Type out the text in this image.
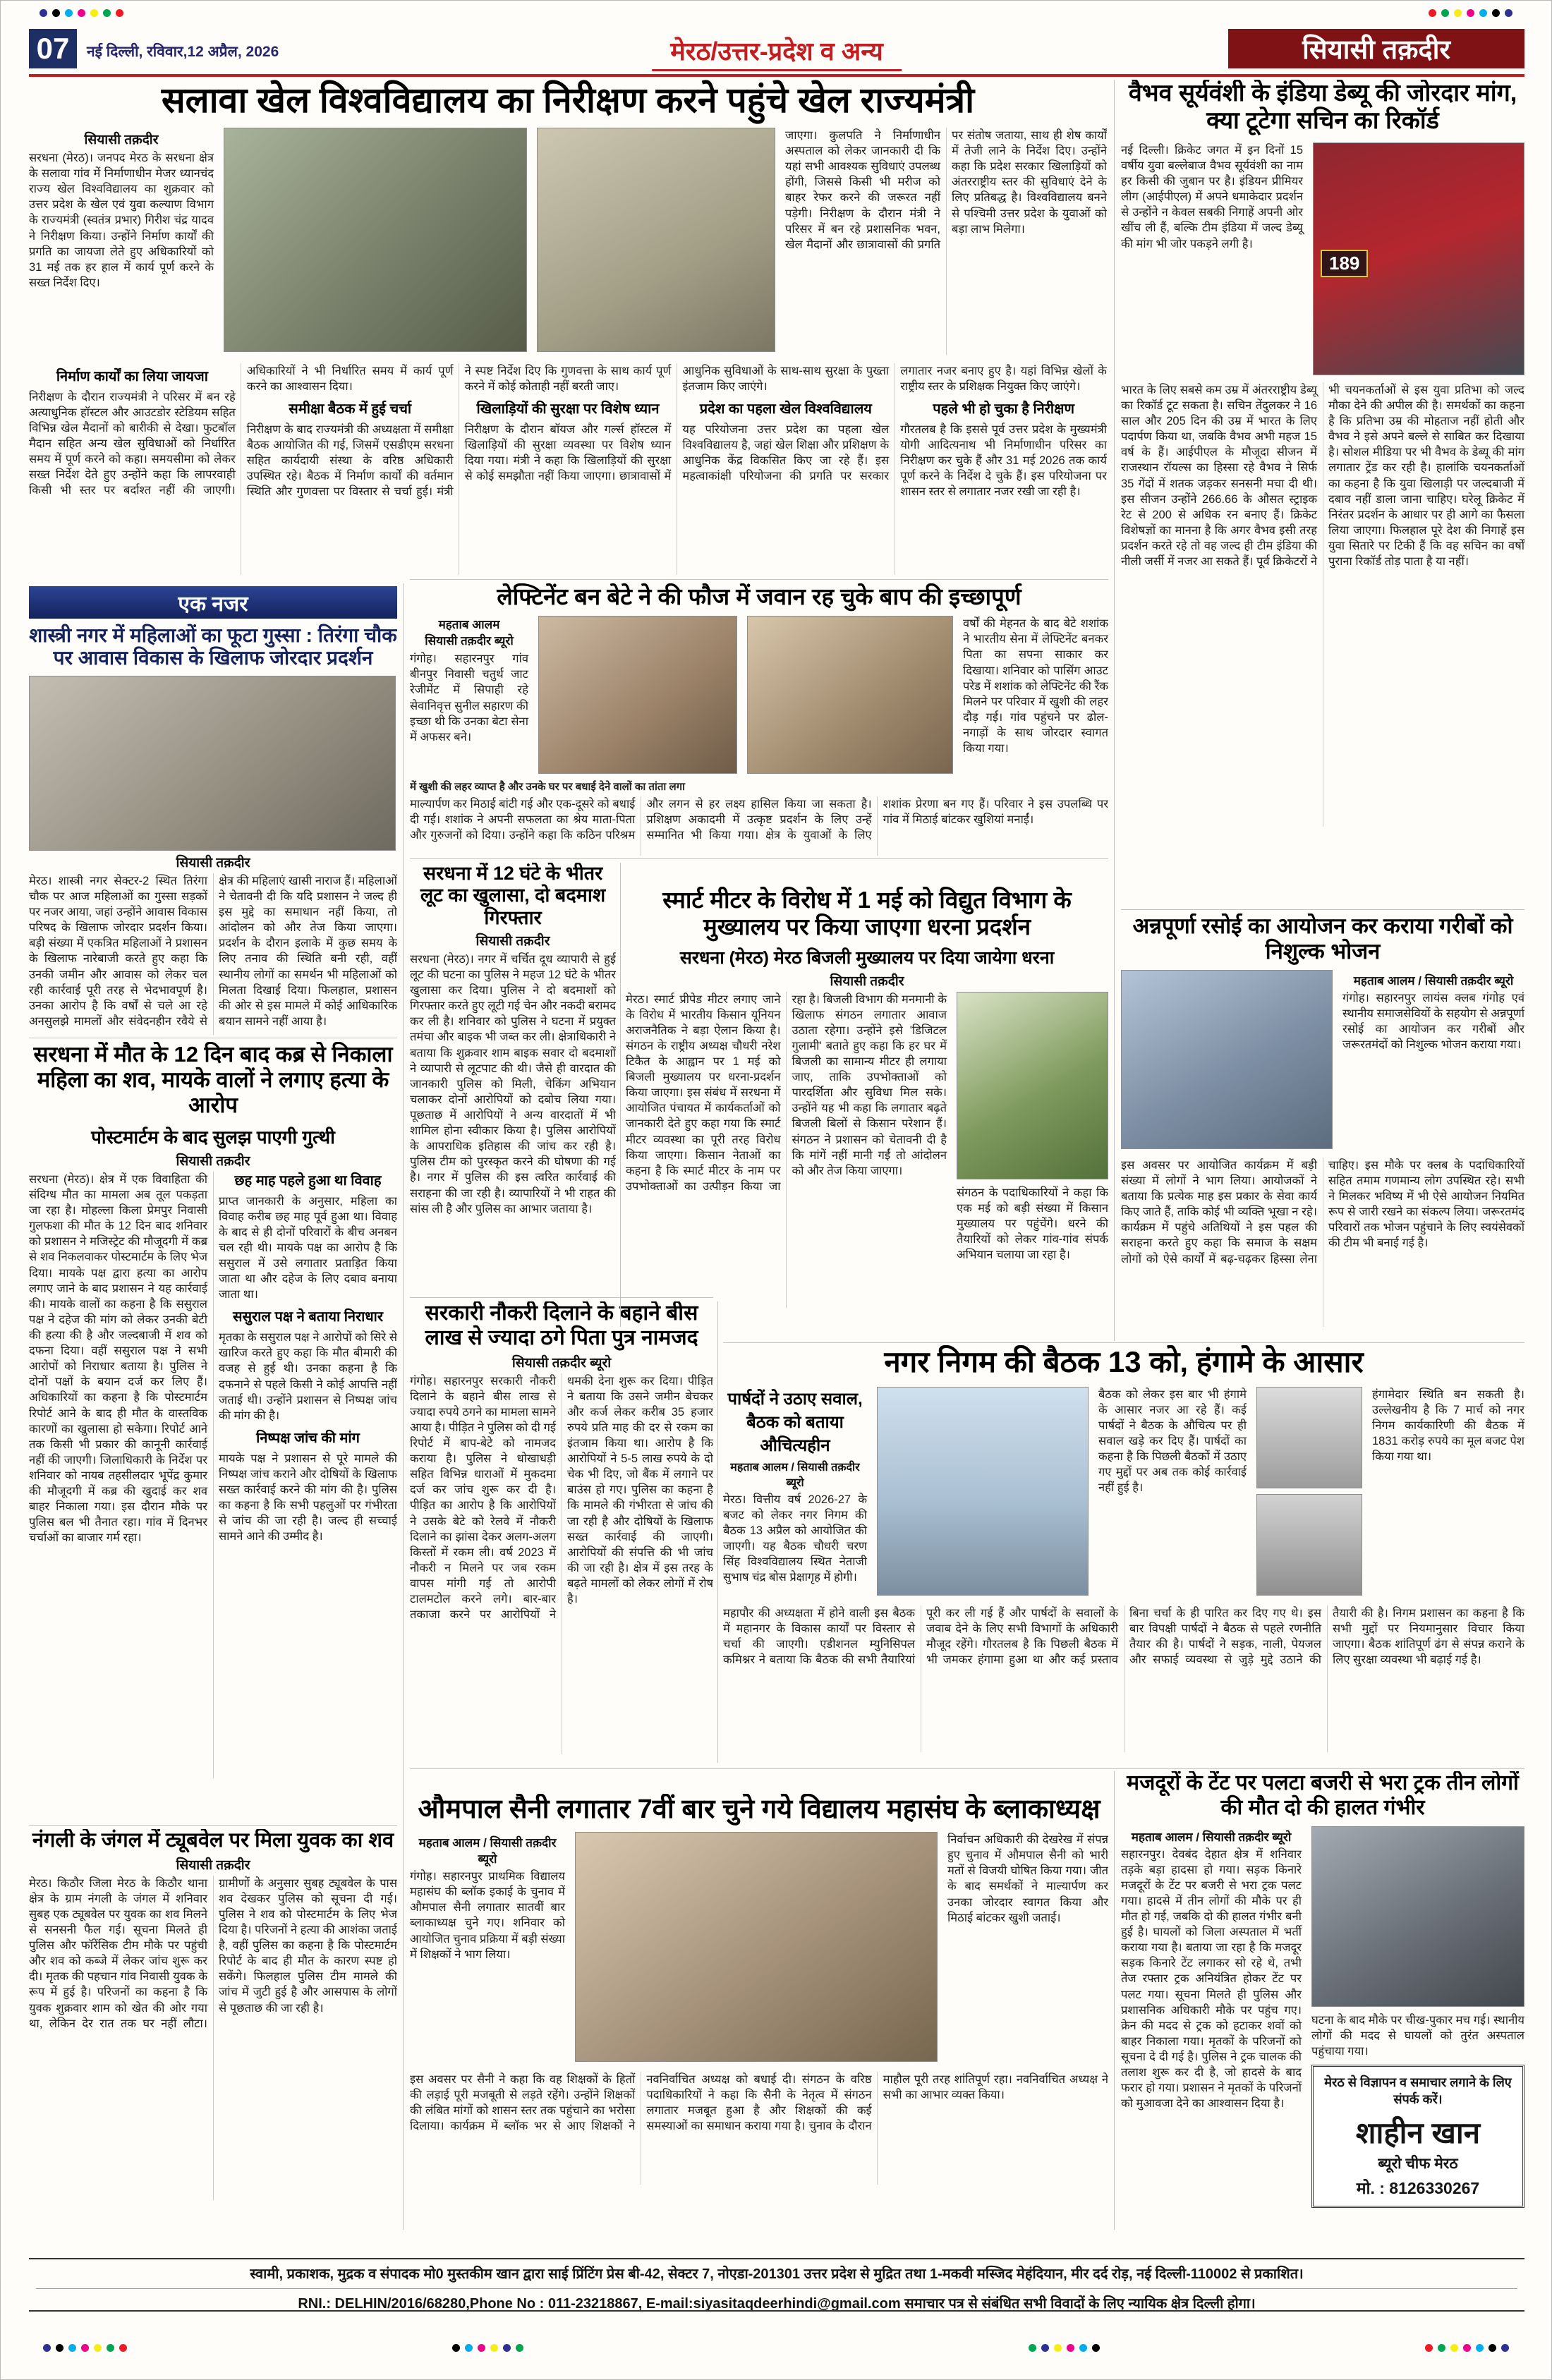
07	नई दिल्ली, रविवार,12 अप्रैल, 2026	मेरठ/उत्तर-प्रदेश व अन्य	सियासी तक़दीर
सलावा खेल विश्वविद्यालय का निरीक्षण करने पहुंचे खेल राज्यमंत्री
सियासी तक़दीर
सरधना (मेरठ)। जनपद मेरठ के सरधना क्षेत्र के सलावा गांव में निर्माणाधीन मेजर ध्यानचंद राज्य खेल विश्वविद्यालय का शुक्रवार को उत्तर प्रदेश के खेल एवं युवा कल्याण विभाग के राज्यमंत्री (स्वतंत्र प्रभार) गिरीश चंद्र यादव ने निरीक्षण किया। उन्होंने निर्माण कार्यों की प्रगति का जायजा लेते हुए अधिकारियों को 31 मई तक हर हाल में कार्य पूर्ण करने के सख्त निर्देश दिए।
जाएगा। कुलपति ने निर्माणाधीन अस्पताल को लेकर जानकारी दी कि यहां सभी आवश्यक सुविधाएं उपलब्ध होंगी, जिससे किसी भी मरीज को बाहर रेफर करने की जरूरत नहीं पड़ेगी। निरीक्षण के दौरान मंत्री ने परिसर में बन रहे प्रशासनिक भवन, खेल मैदानों और छात्रावासों की प्रगति पर संतोष जताया, साथ ही शेष कार्यों में तेजी लाने के निर्देश दिए। उन्होंने कहा कि प्रदेश सरकार खिलाड़ियों को अंतरराष्ट्रीय स्तर की सुविधाएं देने के लिए प्रतिबद्ध है। विश्वविद्यालय बनने से पश्चिमी उत्तर प्रदेश के युवाओं को बड़ा लाभ मिलेगा।
निर्माण कार्यों का लिया जायजा

निरीक्षण के दौरान राज्यमंत्री ने परिसर में बन रहे अत्याधुनिक हॉस्टल और आउटडोर स्टेडियम सहित विभिन्न खेल मैदानों को बारीकी से देखा। फुटबॉल मैदान सहित अन्य खेल सुविधाओं को निर्धारित समय में पूर्ण करने को कहा। समयसीमा को लेकर सख्त निर्देश देते हुए उन्होंने कहा कि लापरवाही किसी भी स्तर पर बर्दाश्त नहीं की जाएगी। अधिकारियों ने भी निर्धारित समय में कार्य पूर्ण करने का आश्वासन दिया।

समीक्षा बैठक में हुई चर्चा

निरीक्षण के बाद राज्यमंत्री की अध्यक्षता में समीक्षा बैठक आयोजित की गई, जिसमें एसडीएम सरधना सहित कार्यदायी संस्था के वरिष्ठ अधिकारी उपस्थित रहे। बैठक में निर्माण कार्यों की वर्तमान स्थिति और गुणवत्ता पर विस्तार से चर्चा हुई। मंत्री ने स्पष्ट निर्देश दिए कि गुणवत्ता के साथ कार्य पूर्ण करने में कोई कोताही नहीं बरती जाए।

खिलाड़ियों की सुरक्षा पर विशेष ध्यान

निरीक्षण के दौरान बॉयज और गर्ल्स हॉस्टल में खिलाड़ियों की सुरक्षा व्यवस्था पर विशेष ध्यान दिया गया। मंत्री ने कहा कि खिलाड़ियों की सुरक्षा से कोई समझौता नहीं किया जाएगा। छात्रावासों में आधुनिक सुविधाओं के साथ-साथ सुरक्षा के पुख्ता इंतजाम किए जाएंगे।

प्रदेश का पहला खेल विश्वविद्यालय

यह परियोजना उत्तर प्रदेश का पहला खेल विश्वविद्यालय है, जहां खेल शिक्षा और प्रशिक्षण के आधुनिक केंद्र विकसित किए जा रहे हैं। इस महत्वाकांक्षी परियोजना की प्रगति पर सरकार लगातार नजर बनाए हुए है। यहां विभिन्न खेलों के राष्ट्रीय स्तर के प्रशिक्षक नियुक्त किए जाएंगे।

पहले भी हो चुका है निरीक्षण

गौरतलब है कि इससे पूर्व उत्तर प्रदेश के मुख्यमंत्री योगी आदित्यनाथ भी निर्माणाधीन परिसर का निरीक्षण कर चुके हैं और 31 मई 2026 तक कार्य पूर्ण करने के निर्देश दे चुके हैं। इस परियोजना पर शासन स्तर से लगातार नजर रखी जा रही है।

वैभव सूर्यवंशी के इंडिया डेब्यू की जोरदार मांग, क्या टूटेगा सचिन का रिकॉर्ड
नई दिल्ली। क्रिकेट जगत में इन दिनों 15 वर्षीय युवा बल्लेबाज वैभव सूर्यवंशी का नाम हर किसी की जुबान पर है। इंडियन प्रीमियर लीग (आईपीएल) में अपने धमाकेदार प्रदर्शन से उन्होंने न केवल सबकी निगाहें अपनी ओर खींच ली हैं, बल्कि टीम इंडिया में जल्द डेब्यू की मांग भी जोर पकड़ने लगी है।
189
भारत के लिए सबसे कम उम्र में अंतरराष्ट्रीय डेब्यू का रिकॉर्ड टूट सकता है। सचिन तेंदुलकर ने 16 साल और 205 दिन की उम्र में भारत के लिए पदार्पण किया था, जबकि वैभव अभी महज 15 वर्ष के हैं। आईपीएल के मौजूदा सीजन में राजस्थान रॉयल्स का हिस्सा रहे वैभव ने सिर्फ 35 गेंदों में शतक जड़कर सनसनी मचा दी थी। इस सीजन उन्होंने 266.66 के औसत स्ट्राइक रेट से 200 से अधिक रन बनाए हैं। क्रिकेट विशेषज्ञों का मानना है कि अगर वैभव इसी तरह प्रदर्शन करते रहे तो वह जल्द ही टीम इंडिया की नीली जर्सी में नजर आ सकते हैं। पूर्व क्रिकेटरों ने भी चयनकर्ताओं से इस युवा प्रतिभा को जल्द मौका देने की अपील की है। समर्थकों का कहना है कि प्रतिभा उम्र की मोहताज नहीं होती और वैभव ने इसे अपने बल्ले से साबित कर दिखाया है। सोशल मीडिया पर भी वैभव के डेब्यू की मांग लगातार ट्रेंड कर रही है। हालांकि चयनकर्ताओं का कहना है कि युवा खिलाड़ी पर जल्दबाजी में दबाव नहीं डाला जाना चाहिए। घरेलू क्रिकेट में निरंतर प्रदर्शन के आधार पर ही आगे का फैसला लिया जाएगा। फिलहाल पूरे देश की निगाहें इस युवा सितारे पर टिकी हैं कि वह सचिन का वर्षों पुराना रिकॉर्ड तोड़ पाता है या नहीं।
एक नजर
शास्त्री नगर में महिलाओं का फूटा गुस्सा : तिरंगा चौक पर आवास विकास के खिलाफ जोरदार प्रदर्शन
सियासी तक़दीर
मेरठ। शास्त्री नगर सेक्टर-2 स्थित तिरंगा चौक पर आज महिलाओं का गुस्सा सड़कों पर नजर आया, जहां उन्होंने आवास विकास परिषद के खिलाफ जोरदार प्रदर्शन किया। बड़ी संख्या में एकत्रित महिलाओं ने प्रशासन के खिलाफ नारेबाजी करते हुए कहा कि उनकी जमीन और आवास को लेकर चल रही कार्रवाई पूरी तरह से भेदभावपूर्ण है। उनका आरोप है कि वर्षों से चले आ रहे अनसुलझे मामलों और संवेदनहीन रवैये से क्षेत्र की महिलाएं खासी नाराज हैं। महिलाओं ने चेतावनी दी कि यदि प्रशासन ने जल्द ही इस मुद्दे का समाधान नहीं किया, तो आंदोलन को और तेज किया जाएगा। प्रदर्शन के दौरान इलाके में कुछ समय के लिए तनाव की स्थिति बनी रही, वहीं स्थानीय लोगों का समर्थन भी महिलाओं को मिलता दिखाई दिया। फिलहाल, प्रशासन की ओर से इस मामले में कोई आधिकारिक बयान सामने नहीं आया है।
लेफ्टिनेंट बन बेटे ने की फौज में जवान रह चुके बाप की इच्छापूर्ण
महताब आलम
सियासी तक़दीर ब्यूरो
गंगोह। सहारनपुर गांव बीनपुर निवासी चतुर्थ जाट रेजीमेंट में सिपाही रहे सेवानिवृत्त सुनील सहारण की इच्छा थी कि उनका बेटा सेना में अफसर बने।
वर्षों की मेहनत के बाद बेटे शशांक ने भारतीय सेना में लेफ्टिनेंट बनकर पिता का सपना साकार कर दिखाया। शनिवार को पासिंग आउट परेड में शशांक को लेफ्टिनेंट की रैंक मिलने पर परिवार में खुशी की लहर दौड़ गई। गांव पहुंचने पर ढोल-नगाड़ों के साथ जोरदार स्वागत किया गया।
में खुशी की लहर व्याप्त है और उनके घर पर बधाई देने वालों का तांता लगा
माल्यार्पण कर मिठाई बांटी गई और एक-दूसरे को बधाई दी गई। शशांक ने अपनी सफलता का श्रेय माता-पिता और गुरुजनों को दिया। उन्होंने कहा कि कठिन परिश्रम और लगन से हर लक्ष्य हासिल किया जा सकता है। प्रशिक्षण अकादमी में उत्कृष्ट प्रदर्शन के लिए उन्हें सम्मानित भी किया गया। क्षेत्र के युवाओं के लिए शशांक प्रेरणा बन गए हैं। परिवार ने इस उपलब्धि पर गांव में मिठाई बांटकर खुशियां मनाईं।
सरधना में 12 घंटे के भीतर लूट का खुलासा, दो बदमाश गिरफ्तार
सियासी तक़दीर
सरधना (मेरठ)। नगर में चर्चित दूध व्यापारी से हुई लूट की घटना का पुलिस ने महज 12 घंटे के भीतर खुलासा कर दिया। पुलिस ने दो बदमाशों को गिरफ्तार करते हुए लूटी गई चेन और नकदी बरामद कर ली है। शनिवार को पुलिस ने घटना में प्रयुक्त तमंचा और बाइक भी जब्त कर ली। क्षेत्राधिकारी ने बताया कि शुक्रवार शाम बाइक सवार दो बदमाशों ने व्यापारी से लूटपाट की थी। जैसे ही वारदात की जानकारी पुलिस को मिली, चेकिंग अभियान चलाकर दोनों आरोपियों को दबोच लिया गया। पूछताछ में आरोपियों ने अन्य वारदातों में भी शामिल होना स्वीकार किया है। पुलिस आरोपियों के आपराधिक इतिहास की जांच कर रही है। पुलिस टीम को पुरस्कृत करने की घोषणा की गई है। नगर में पुलिस की इस त्वरित कार्रवाई की सराहना की जा रही है। व्यापारियों ने भी राहत की सांस ली है और पुलिस का आभार जताया है।
स्मार्ट मीटर के विरोध में 1 मई को विद्युत विभाग के मुख्यालय पर किया जाएगा धरना प्रदर्शन
सरधना (मेरठ) मेरठ बिजली मुख्यालय पर दिया जायेगा धरना
सियासी तक़दीर
मेरठ। स्मार्ट प्रीपेड मीटर लगाए जाने के विरोध में भारतीय किसान यूनियन अराजनैतिक ने बड़ा ऐलान किया है। संगठन के राष्ट्रीय अध्यक्ष चौधरी नरेश टिकैत के आह्वान पर 1 मई को बिजली मुख्यालय पर धरना-प्रदर्शन किया जाएगा। इस संबंध में सरधना में आयोजित पंचायत में कार्यकर्ताओं को जानकारी देते हुए कहा गया कि स्मार्ट मीटर व्यवस्था का पूरी तरह विरोध किया जाएगा। किसान नेताओं का कहना है कि स्मार्ट मीटर के नाम पर उपभोक्ताओं का उत्पीड़न किया जा रहा है। बिजली विभाग की मनमानी के खिलाफ संगठन लगातार आवाज उठाता रहेगा। उन्होंने इसे 'डिजिटल गुलामी' बताते हुए कहा कि हर घर में बिजली का सामान्य मीटर ही लगाया जाए, ताकि उपभोक्ताओं को पारदर्शिता और सुविधा मिल सके। उन्होंने यह भी कहा कि लगातार बढ़ते बिजली बिलों से किसान परेशान हैं। संगठन ने प्रशासन को चेतावनी दी है कि मांगें नहीं मानी गईं तो आंदोलन को और तेज किया जाएगा।
संगठन के पदाधिकारियों ने कहा कि एक मई को बड़ी संख्या में किसान मुख्यालय पर पहुंचेंगे। धरने की तैयारियों को लेकर गांव-गांव संपर्क अभियान चलाया जा रहा है।
अन्नपूर्णा रसोई का आयोजन कर कराया गरीबों को निशुल्क भोजन
महताब आलम / सियासी तक़दीर ब्यूरो
गंगोह। सहारनपुर लायंस क्लब गंगोह एवं स्थानीय समाजसेवियों के सहयोग से अन्नपूर्णा रसोई का आयोजन कर गरीबों और जरूरतमंदों को निशुल्क भोजन कराया गया।
इस अवसर पर आयोजित कार्यक्रम में बड़ी संख्या में लोगों ने भाग लिया। आयोजकों ने बताया कि प्रत्येक माह इस प्रकार के सेवा कार्य किए जाते हैं, ताकि कोई भी व्यक्ति भूखा न रहे। कार्यक्रम में पहुंचे अतिथियों ने इस पहल की सराहना करते हुए कहा कि समाज के सक्षम लोगों को ऐसे कार्यों में बढ़-चढ़कर हिस्सा लेना चाहिए। इस मौके पर क्लब के पदाधिकारियों सहित तमाम गणमान्य लोग उपस्थित रहे। सभी ने मिलकर भविष्य में भी ऐसे आयोजन नियमित रूप से जारी रखने का संकल्प लिया। जरूरतमंद परिवारों तक भोजन पहुंचाने के लिए स्वयंसेवकों की टीम भी बनाई गई है।
सरधना में मौत के 12 दिन बाद कब्र से निकाला महिला का शव, मायके वालों ने लगाए हत्या के आरोप
पोस्टमार्टम के बाद सुलझ पाएगी गुत्थी
सियासी तक़दीर

सरधना (मेरठ)। क्षेत्र में एक विवाहिता की संदिग्ध मौत का मामला अब तूल पकड़ता जा रहा है। मोहल्ला किला प्रेमपुर निवासी गुलफशा की मौत के 12 दिन बाद शनिवार को प्रशासन ने मजिस्ट्रेट की मौजूदगी में कब्र से शव निकलवाकर पोस्टमार्टम के लिए भेज दिया। मायके पक्ष द्वारा हत्या का आरोप लगाए जाने के बाद प्रशासन ने यह कार्रवाई की। मायके वालों का कहना है कि ससुराल पक्ष ने दहेज की मांग को लेकर उनकी बेटी की हत्या की है और जल्दबाजी में शव को दफना दिया। वहीं ससुराल पक्ष ने सभी आरोपों को निराधार बताया है। पुलिस ने दोनों पक्षों के बयान दर्ज कर लिए हैं। अधिकारियों का कहना है कि पोस्टमार्टम रिपोर्ट आने के बाद ही मौत के वास्तविक कारणों का खुलासा हो सकेगा। रिपोर्ट आने तक किसी भी प्रकार की कानूनी कार्रवाई नहीं की जाएगी। जिलाधिकारी के निर्देश पर शनिवार को नायब तहसीलदार भूपेंद्र कुमार की मौजूदगी में कब्र की खुदाई कर शव बाहर निकाला गया। इस दौरान मौके पर पुलिस बल भी तैनात रहा। गांव में दिनभर चर्चाओं का बाजार गर्म रहा।

छह माह पहले हुआ था विवाह

प्राप्त जानकारी के अनुसार, महिला का विवाह करीब छह माह पूर्व हुआ था। विवाह के बाद से ही दोनों परिवारों के बीच अनबन चल रही थी। मायके पक्ष का आरोप है कि ससुराल में उसे लगातार प्रताड़ित किया जाता था और दहेज के लिए दबाव बनाया जाता था।

ससुराल पक्ष ने बताया निराधार

मृतका के ससुराल पक्ष ने आरोपों को सिरे से खारिज करते हुए कहा कि मौत बीमारी की वजह से हुई थी। उनका कहना है कि दफनाने से पहले किसी ने कोई आपत्ति नहीं जताई थी। उन्होंने प्रशासन से निष्पक्ष जांच की मांग की है।

निष्पक्ष जांच की मांग

मायके पक्ष ने प्रशासन से पूरे मामले की निष्पक्ष जांच कराने और दोषियों के खिलाफ सख्त कार्रवाई करने की मांग की है। पुलिस का कहना है कि सभी पहलुओं पर गंभीरता से जांच की जा रही है। जल्द ही सच्चाई सामने आने की उम्मीद है।

सरकारी नौकरी दिलाने के बहाने बीस लाख से ज्यादा ठगे पिता पुत्र नामजद
सियासी तक़दीर ब्यूरो
गंगोह। सहारनपुर सरकारी नौकरी दिलाने के बहाने बीस लाख से ज्यादा रुपये ठगने का मामला सामने आया है। पीड़ित ने पुलिस को दी गई रिपोर्ट में बाप-बेटे को नामजद कराया है। पुलिस ने धोखाधड़ी सहित विभिन्न धाराओं में मुकदमा दर्ज कर जांच शुरू कर दी है। पीड़ित का आरोप है कि आरोपियों ने उसके बेटे को रेलवे में नौकरी दिलाने का झांसा देकर अलग-अलग किस्तों में रकम ली। वर्ष 2023 में नौकरी न मिलने पर जब रकम वापस मांगी गई तो आरोपी टालमटोल करने लगे। बार-बार तकाजा करने पर आरोपियों ने धमकी देना शुरू कर दिया। पीड़ित ने बताया कि उसने जमीन बेचकर और कर्ज लेकर करीब 35 हजार रुपये प्रति माह की दर से रकम का इंतजाम किया था। आरोप है कि आरोपियों ने 5-5 लाख रुपये के दो चेक भी दिए, जो बैंक में लगाने पर बाउंस हो गए। पुलिस का कहना है कि मामले की गंभीरता से जांच की जा रही है और दोषियों के खिलाफ सख्त कार्रवाई की जाएगी। आरोपियों की संपत्ति की भी जांच की जा रही है। क्षेत्र में इस तरह के बढ़ते मामलों को लेकर लोगों में रोष है।
नगर निगम की बैठक 13 को, हंगामे के आसार
पार्षदों ने उठाए सवाल, बैठक को बताया औचित्यहीन
महताब आलम / सियासी तक़दीर ब्यूरो
मेरठ। वित्तीय वर्ष 2026-27 के बजट को लेकर नगर निगम की बैठक 13 अप्रैल को आयोजित की जाएगी। यह बैठक चौधरी चरण सिंह विश्वविद्यालय स्थित नेताजी सुभाष चंद्र बोस प्रेक्षागृह में होगी।
बैठक को लेकर इस बार भी हंगामे के आसार नजर आ रहे हैं। कई पार्षदों ने बैठक के औचित्य पर ही सवाल खड़े कर दिए हैं। पार्षदों का कहना है कि पिछली बैठकों में उठाए गए मुद्दों पर अब तक कोई कार्रवाई नहीं हुई है।
हंगामेदार स्थिति बन सकती है। उल्लेखनीय है कि 7 मार्च को नगर निगम कार्यकारिणी की बैठक में 1831 करोड़ रुपये का मूल बजट पेश किया गया था।
महापौर की अध्यक्षता में होने वाली इस बैठक में महानगर के विकास कार्यों पर विस्तार से चर्चा की जाएगी। एडीशनल म्युनिसिपल कमिश्नर ने बताया कि बैठक की सभी तैयारियां पूरी कर ली गई हैं और पार्षदों के सवालों के जवाब देने के लिए सभी विभागों के अधिकारी मौजूद रहेंगे। गौरतलब है कि पिछली बैठक में भी जमकर हंगामा हुआ था और कई प्रस्ताव बिना चर्चा के ही पारित कर दिए गए थे। इस बार विपक्षी पार्षदों ने बैठक से पहले रणनीति तैयार की है। पार्षदों ने सड़क, नाली, पेयजल और सफाई व्यवस्था से जुड़े मुद्दे उठाने की तैयारी की है। निगम प्रशासन का कहना है कि सभी मुद्दों पर नियमानुसार विचार किया जाएगा। बैठक शांतिपूर्ण ढंग से संपन्न कराने के लिए सुरक्षा व्यवस्था भी बढ़ाई गई है।
औमपाल सैनी लगातार 7वीं बार चुने गये विद्यालय महासंघ के ब्लाकाध्यक्ष
महताब आलम / सियासी तक़दीर ब्यूरो
गंगोह। सहारनपुर प्राथमिक विद्यालय महासंघ की ब्लॉक इकाई के चुनाव में औमपाल सैनी लगातार सातवीं बार ब्लाकाध्यक्ष चुने गए। शनिवार को आयोजित चुनाव प्रक्रिया में बड़ी संख्या में शिक्षकों ने भाग लिया।
निर्वाचन अधिकारी की देखरेख में संपन्न हुए चुनाव में औमपाल सैनी को भारी मतों से विजयी घोषित किया गया। जीत के बाद समर्थकों ने माल्यार्पण कर उनका जोरदार स्वागत किया और मिठाई बांटकर खुशी जताई।
इस अवसर पर सैनी ने कहा कि वह शिक्षकों के हितों की लड़ाई पूरी मजबूती से लड़ते रहेंगे। उन्होंने शिक्षकों की लंबित मांगों को शासन स्तर तक पहुंचाने का भरोसा दिलाया। कार्यक्रम में ब्लॉक भर से आए शिक्षकों ने नवनिर्वाचित अध्यक्ष को बधाई दी। संगठन के वरिष्ठ पदाधिकारियों ने कहा कि सैनी के नेतृत्व में संगठन लगातार मजबूत हुआ है और शिक्षकों की कई समस्याओं का समाधान कराया गया है। चुनाव के दौरान माहौल पूरी तरह शांतिपूर्ण रहा। नवनिर्वाचित अध्यक्ष ने सभी का आभार व्यक्त किया।
मजदूरों के टेंट पर पलटा बजरी से भरा ट्रक तीन लोगों की मौत दो की हालत गंभीर
महताब आलम / सियासी तक़दीर ब्यूरो
सहारनपुर। देवबंद देहात क्षेत्र में शनिवार तड़के बड़ा हादसा हो गया। सड़क किनारे मजदूरों के टेंट पर बजरी से भरा ट्रक पलट गया। हादसे में तीन लोगों की मौके पर ही मौत हो गई, जबकि दो की हालत गंभीर बनी हुई है। घायलों को जिला अस्पताल में भर्ती कराया गया है। बताया जा रहा है कि मजदूर सड़क किनारे टेंट लगाकर सो रहे थे, तभी तेज रफ्तार ट्रक अनियंत्रित होकर टेंट पर पलट गया। सूचना मिलते ही पुलिस और प्रशासनिक अधिकारी मौके पर पहुंच गए। क्रेन की मदद से ट्रक को हटाकर शवों को बाहर निकाला गया। मृतकों के परिजनों को सूचना दे दी गई है। पुलिस ने ट्रक चालक की तलाश शुरू कर दी है, जो हादसे के बाद फरार हो गया। प्रशासन ने मृतकों के परिजनों को मुआवजा देने का आश्वासन दिया है।
घटना के बाद मौके पर चीख-पुकार मच गई। स्थानीय लोगों की मदद से घायलों को तुरंत अस्पताल पहुंचाया गया।
मेरठ से विज्ञापन व समाचार लगाने के लिए संपर्क करें।
शाहीन खान
ब्यूरो चीफ मेरठ
मो. : 8126330267
नंगली के जंगल में ट्यूबवेल पर मिला युवक का शव
सियासी तक़दीर
मेरठ। किठौर जिला मेरठ के किठौर थाना क्षेत्र के ग्राम नंगली के जंगल में शनिवार सुबह एक ट्यूबवेल पर युवक का शव मिलने से सनसनी फैल गई। सूचना मिलते ही पुलिस और फॉरेंसिक टीम मौके पर पहुंची और शव को कब्जे में लेकर जांच शुरू कर दी। मृतक की पहचान गांव निवासी युवक के रूप में हुई है। परिजनों का कहना है कि युवक शुक्रवार शाम को खेत की ओर गया था, लेकिन देर रात तक घर नहीं लौटा। ग्रामीणों के अनुसार सुबह ट्यूबवेल के पास शव देखकर पुलिस को सूचना दी गई। पुलिस ने शव को पोस्टमार्टम के लिए भेज दिया है। परिजनों ने हत्या की आशंका जताई है, वहीं पुलिस का कहना है कि पोस्टमार्टम रिपोर्ट के बाद ही मौत के कारण स्पष्ट हो सकेंगे। फिलहाल पुलिस टीम मामले की जांच में जुटी हुई है और आसपास के लोगों से पूछताछ की जा रही है।
स्वामी, प्रकाशक, मुद्रक व संपादक मो0 मुस्तकीम खान द्वारा साई प्रिंटिंग प्रेस बी-42, सेक्टर 7, नोएडा-201301 उत्तर प्रदेश से मुद्रित तथा 1-मकवी मस्जिद मेहंदियान, मीर दर्द रोड़, नई दिल्ली-110002 से प्रकाशित।
RNI.: DELHIN/2016/68280,Phone No : 011-23218867, E-mail:siyasitaqdeerhindi@gmail.com समाचार पत्र से संबंधित सभी विवादों के लिए न्यायिक क्षेत्र दिल्ली होगा।
